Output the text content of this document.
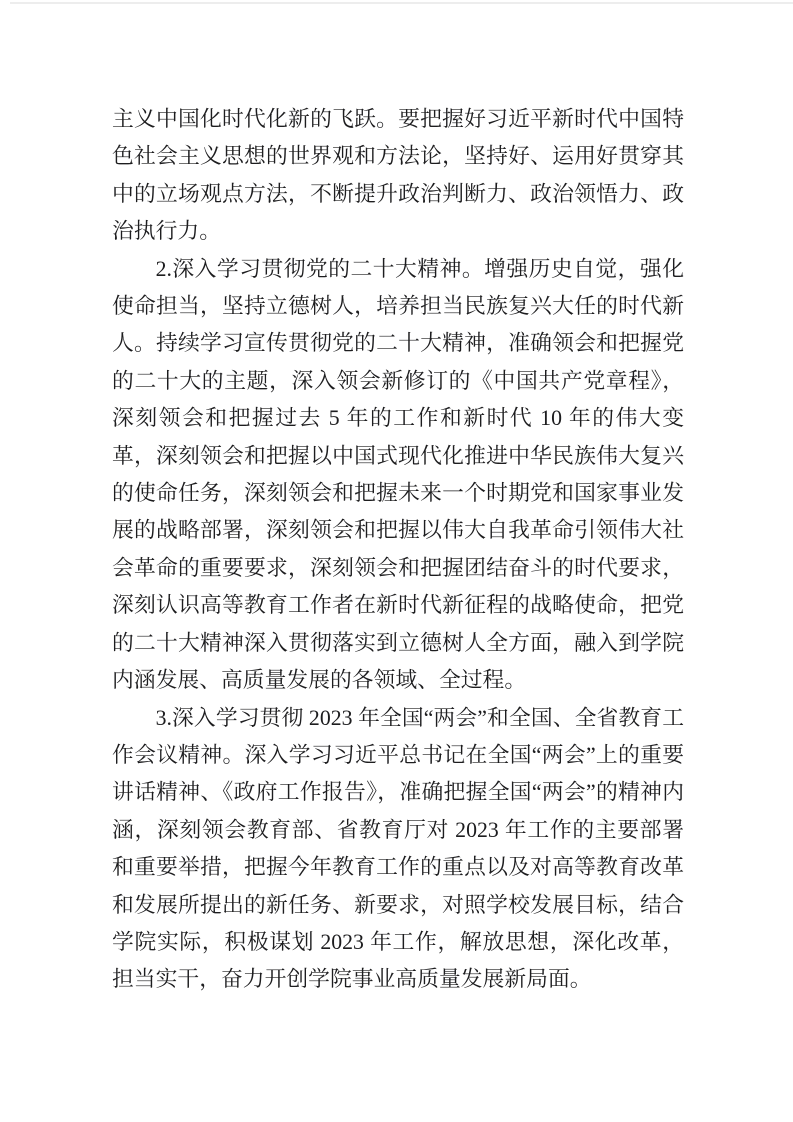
主义中国化时代化新的飞跃。要把握好习近平新时代中国特色社会主义思想的世界观和方法论，坚持好、运用好贯穿其中的立场观点方法，不断提升政治判断力、政治领悟力、政治执行力。

2.深入学习贯彻党的二十大精神。增强历史自觉，强化使命担当，坚持立德树人，培养担当民族复兴大任的时代新人。持续学习宣传贯彻党的二十大精神，准确领会和把握党的二十大的主题，深入领会新修订的《中国共产党章程》，深刻领会和把握过去 5 年的工作和新时代 10 年的伟大变革，深刻领会和把握以中国式现代化推进中华民族伟大复兴的使命任务，深刻领会和把握未来一个时期党和国家事业发展的战略部署，深刻领会和把握以伟大自我革命引领伟大社会革命的重要要求，深刻领会和把握团结奋斗的时代要求，深刻认识高等教育工作者在新时代新征程的战略使命，把党的二十大精神深入贯彻落实到立德树人全方面，融入到学院内涵发展、高质量发展的各领域、全过程。

3.深入学习贯彻 2023 年全国“两会”和全国、全省教育工作会议精神。深入学习习近平总书记在全国“两会”上的重要讲话精神、《政府工作报告》，准确把握全国“两会”的精神内涵，深刻领会教育部、省教育厅对 2023 年工作的主要部署和重要举措，把握今年教育工作的重点以及对高等教育改革和发展所提出的新任务、新要求，对照学校发展目标，结合学院实际，积极谋划 2023 年工作，解放思想，深化改革，担当实干，奋力开创学院事业高质量发展新局面。
